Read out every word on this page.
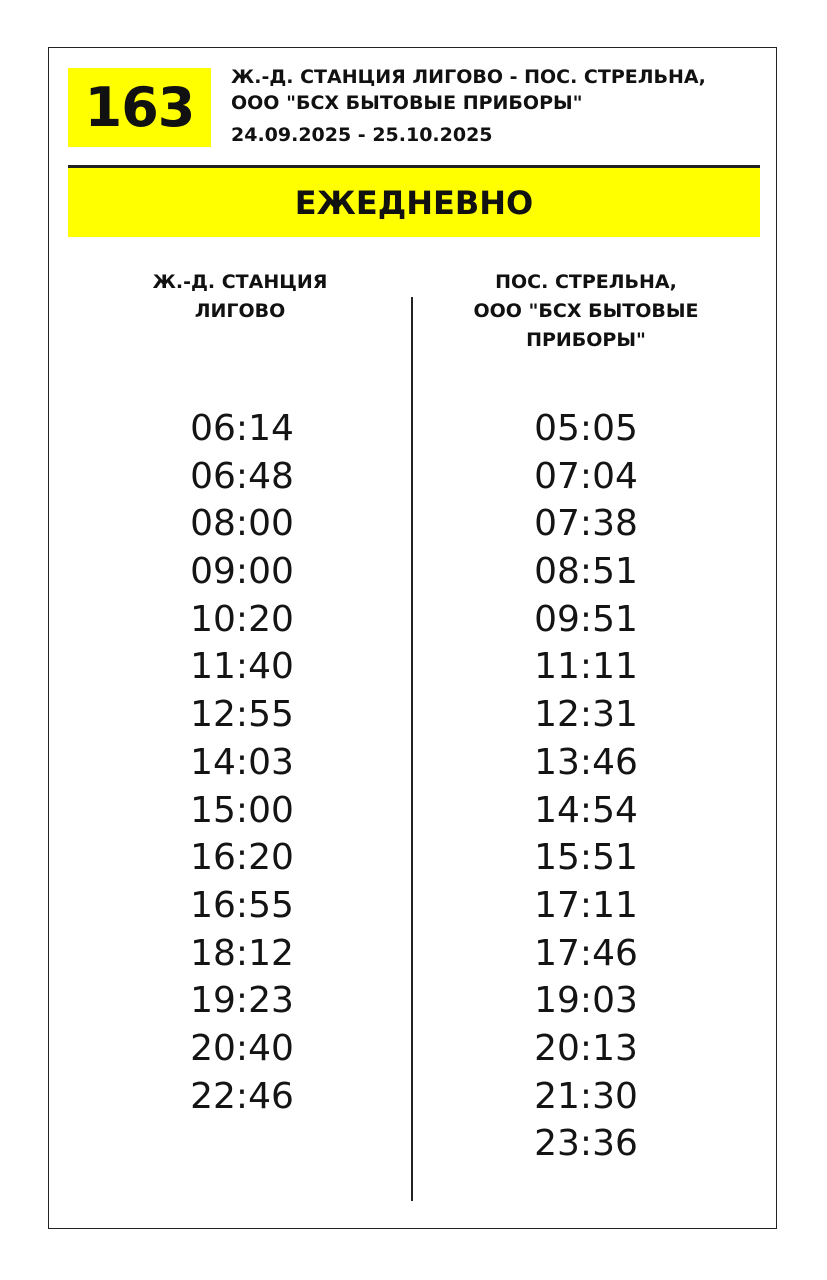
163 Ж.-Д. СТАНЦИЯ ЛИГОВО - ПОС. СТРЕЛЬНА,
ООО "БСХ БЫТОВЫЕ ПРИБОРЫ"
24.09.2025 - 25.10.2025
ЕЖЕДНЕВНО
Ж.-Д. СТАНЦИЯ
ЛИГОВО
ПОС. СТРЕЛЬНА,
ООО "БСХ БЫТОВЫЕ
ПРИБОРЫ"
06:14
06:48
08:00
09:00
10:20
11:40
12:55
14:03
15:00
16:20
16:55
18:12
19:23
20:40
22:46
05:05
07:04
07:38
08:51
09:51
11:11
12:31
13:46
14:54
15:51
17:11
17:46
19:03
20:13
21:30
23:36
